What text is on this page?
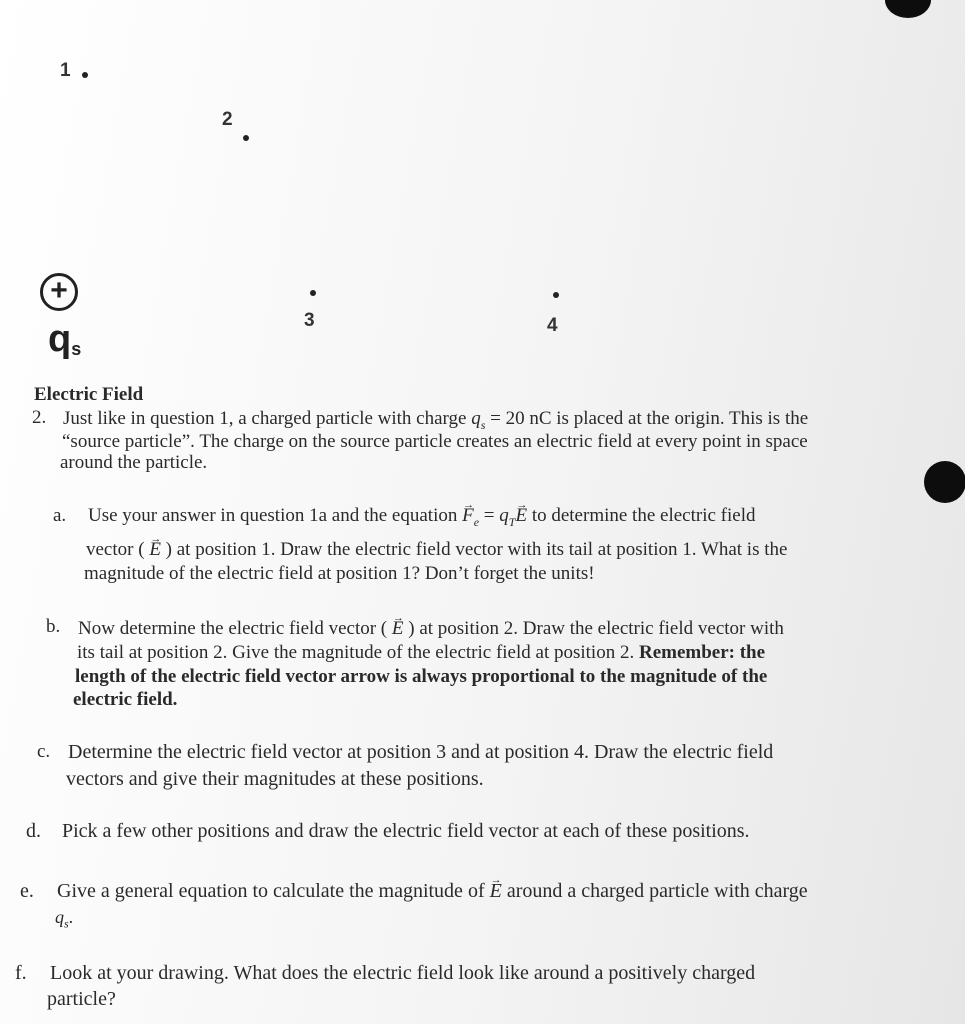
1
2
3	4
+
qs
Electric Field
2. Just like in question 1, a charged particle with charge $q_s = 20$ nC is placed at the origin. This is the
“source particle”. The charge on the source particle creates an electric field at every point in space
around the particle.
a. Use your answer in question 1a and the equation → $F_e = q_T\to E$ to determine the electric field
vector ( → E ) at position 1. Draw the electric field vector with its tail at position 1. What is the
magnitude of the electric field at position 1? Don’t forget the units!
b. Now determine the electric field vector ( → E ) at position 2. Draw the electric field vector with
its tail at position 2. Give the magnitude of the electric field at position 2. Remember: the
length of the electric field vector arrow is always proportional to the magnitude of the
electric field.
c. Determine the electric field vector at position 3 and at position 4. Draw the electric field
vectors and give their magnitudes at these positions.
d. Pick a few other positions and draw the electric field vector at each of these positions.
e. Give a general equation to calculate the magnitude of → E around a charged particle with charge
$q_s$.
f. Look at your drawing. What does the electric field look like around a positively charged
particle?
